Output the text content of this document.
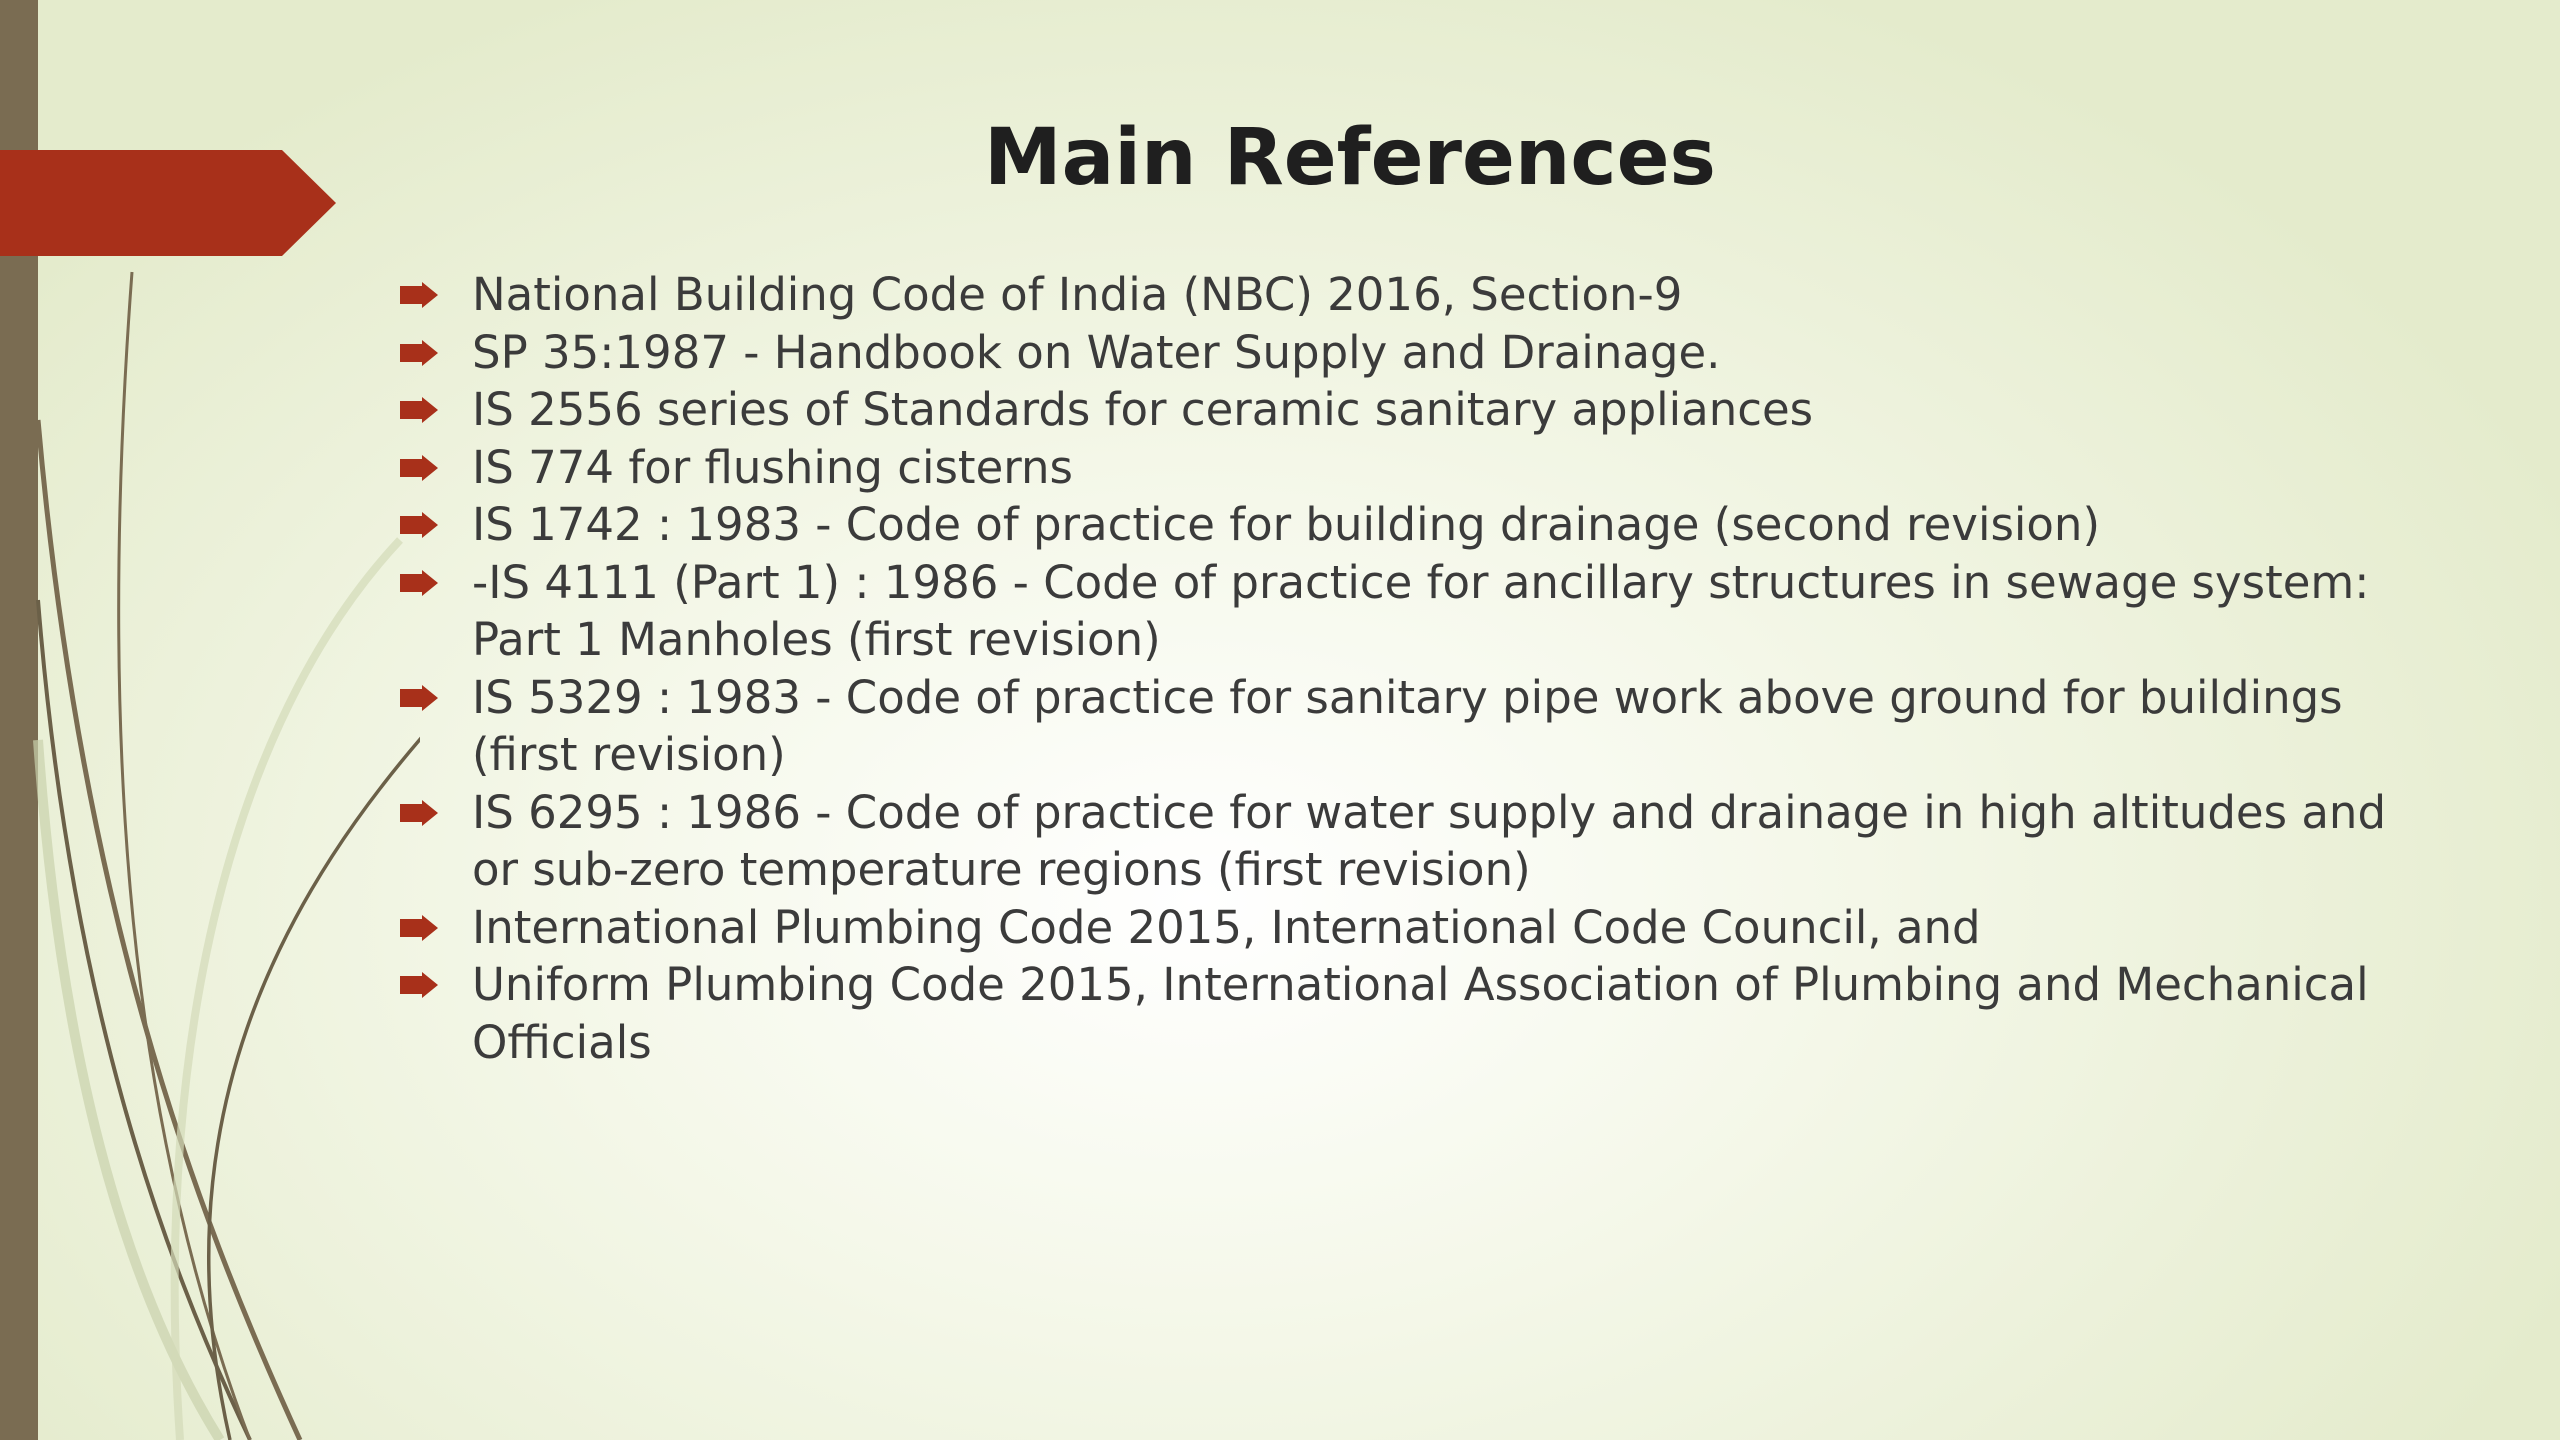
Main References
National Building Code of India (NBC) 2016, Section-9
SP 35:1987 - Handbook on Water Supply and Drainage.
IS 2556 series of Standards for ceramic sanitary appliances
IS 774 for flushing cisterns
IS 1742 : 1983 - Code of practice for building drainage (second revision)
-IS 4111 (Part 1) : 1986 - Code of practice for ancillary structures in sewage system: Part 1 Manholes (first revision)
IS 5329 : 1983 - Code of practice for sanitary pipe work above ground for buildings (first revision)
IS 6295 : 1986 - Code of practice for water supply and drainage in high altitudes and or sub-zero temperature regions (first revision)
International Plumbing Code 2015, International Code Council, and
Uniform Plumbing Code 2015, International Association of Plumbing and Mechanical Officials
